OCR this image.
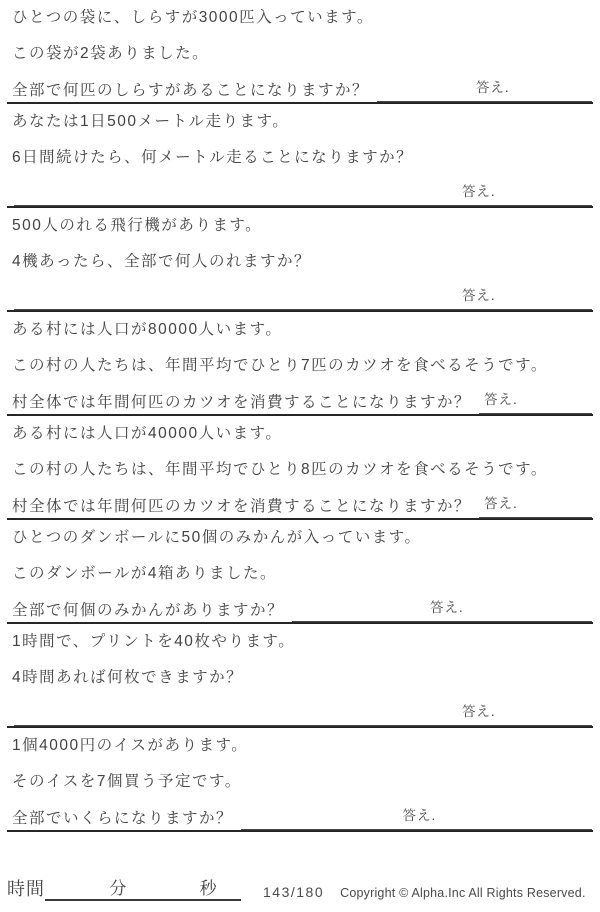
ひとつの袋に、しらすが3000匹入っています。
この袋が2袋ありました。
全部で何匹のしらすがあることになりますか？	答え.
あなたは1日500メートル走ります。
6日間続けたら、何メートル走ることになりますか？
答え.
500人のれる飛行機があります。
4機あったら、全部で何人のれますか？
答え.
ある村には人口が80000人います。
この村の人たちは、年間平均でひとり7匹のカツオを食べるそうです。
村全体では年間何匹のカツオを消費することになりますか？ 答え.
ある村には人口が40000人います。
この村の人たちは、年間平均でひとり8匹のカツオを食べるそうです。
村全体では年間何匹のカツオを消費することになりますか？ 答え.
ひとつのダンボールに50個のみかんが入っています。
このダンボールが4箱ありました。
全部で何個のみかんがありますか？	答え.
1時間で、プリントを40枚やります。
4時間あれば何枚できますか？
答え.
1個4000円のイスがあります。
そのイスを7個買う予定です。
全部でいくらになりますか？	答え.
時間	分	秒	143/180 Copyright © Alpha.Inc All Rights Reserved.
